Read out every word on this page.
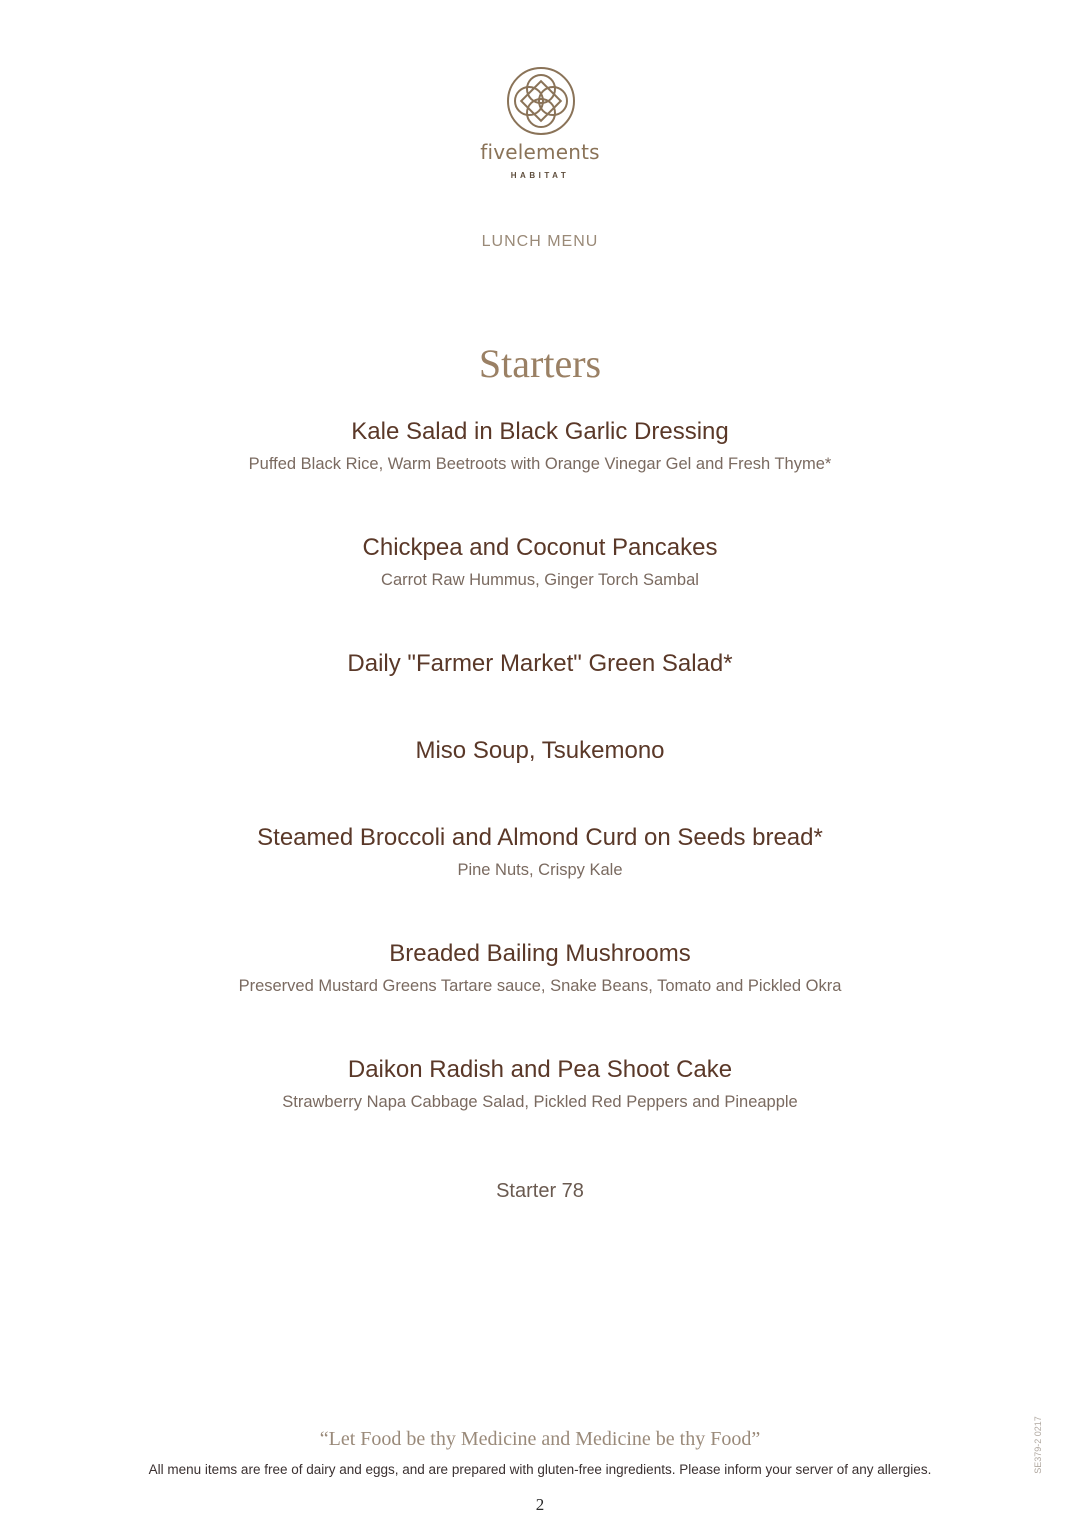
fivelements
HABITAT
LUNCH MENU
Starters
Kale Salad in Black Garlic Dressing
Puffed Black Rice, Warm Beetroots with Orange Vinegar Gel and Fresh Thyme*
Chickpea and Coconut Pancakes
Carrot Raw Hummus, Ginger Torch Sambal
Daily "Farmer Market" Green Salad*
Miso Soup, Tsukemono
Steamed Broccoli and Almond Curd on Seeds bread*
Pine Nuts, Crispy Kale
Breaded Bailing Mushrooms
Preserved Mustard Greens Tartare sauce, Snake Beans, Tomato and Pickled Okra
Daikon Radish and Pea Shoot Cake
Strawberry Napa Cabbage Salad, Pickled Red Peppers and Pineapple
Starter 78
“Let Food be thy Medicine and Medicine be thy Food”
All menu items are free of dairy and eggs, and are prepared with gluten-free ingredients. Please inform your server of any allergies.
2
SE379-2 0217
